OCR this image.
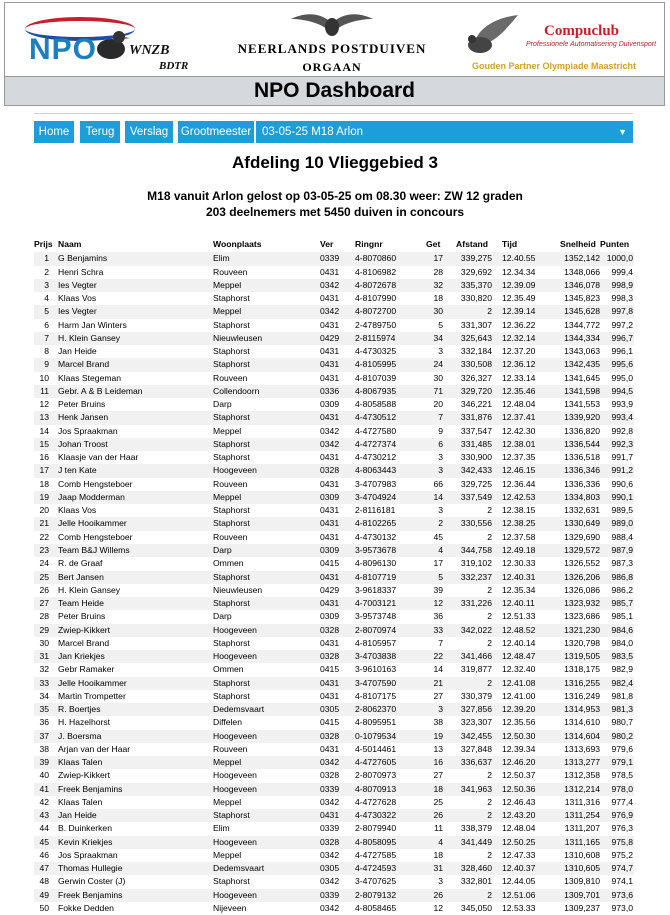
NPO WNZB
BDTR
NEERLANDS POSTDUIVEN
ORGAAN
Compuclub
Professionele Automatisering Duivensport
Gouden Partner Olympiade Maastricht
NPO Dashboard
Home	Terug	Verslag	Grootmeester 03-05-25 M18 Arlon	▼
Afdeling 10 Vlieggebied 3
M18 vanuit Arlon gelost op 03-05-25 om 08.30 weer: ZW 12 graden
203 deelnemers met 5450 duiven in concours
Prijs Naam	Woonplaats	Ver	Ringnr	Get	Afstand	Tijd	Snelheid Punten
1 G Benjamins	Elim	0339 4-8070860	17	339,275 12.40.55	1352,142 1000,0
2 Henri Schra	Rouveen	0431 4-8106982	28	329,692 12.34.34	1348,066	999,4
3 Ies Vegter	Meppel	0342 4-8072678	32	335,370 12.39.09	1346,078	998,9
4 Klaas Vos	Staphorst	0431 4-8107990	18	330,820 12.35.49	1345,823	998,3
5 Ies Vegter	Meppel	0342 4-8072700	30	2 12.39.14	1345,628	997,8
6 Harm Jan Winters	Staphorst	0431 2-4789750	5	331,307 12.36.22	1344,772	997,2
7 H. Klein Gansey	Nieuwleusen	0429 2-8115974	34	325,643 12.32.14	1344,334	996,7
8 Jan Heide	Staphorst	0431 4-4730325	3	332,184 12.37.20	1343,063	996,1
9 Marcel Brand	Staphorst	0431 4-8105995	24	330,508 12.36.12	1342,435	995,6
10 Klaas Stegeman	Rouveen	0431 4-8107039	30	326,327 12.33.14	1341,645	995,0
11 Gebr. A & B Leideman	Collendoorn	0336 4-8067935	71	329,720 12.35.46	1341,598	994,5
12 Peter Bruins	Darp	0309 4-8058588	20	346,221 12.48.04	1341,553	993,9
13 Henk Jansen	Staphorst	0431 4-4730512	7	331,876 12.37.41	1339,920	993,4
14 Jos Spraakman	Meppel	0342 4-4727580	9	337,547 12.42.30	1336,820	992,8
15 Johan Troost	Staphorst	0342 4-4727374	6	331,485 12.38.01	1336,544	992,3
16 Klaasje van der Haar	Staphorst	0431 4-4730212	3	330,900 12.37.35	1336,518	991,7
17 J ten Kate	Hoogeveen	0328 4-8063443	3	342,433 12.46.15	1336,346	991,2
18 Comb Hengsteboer	Rouveen	0431 3-4707983	66	329,725 12.36.44	1336,336	990,6
19 Jaap Modderman	Meppel	0309 3-4704924	14	337,549 12.42.53	1334,803	990,1
20 Klaas Vos	Staphorst	0431 2-8116181	3	2 12.38.15	1332,631	989,5
21 Jelle Hooikammer	Staphorst	0431 4-8102265	2	330,556 12.38.25	1330,649	989,0
22 Comb Hengsteboer	Rouveen	0431 4-4730132	45	2 12.37.58	1329,690	988,4
23 Team B&J Willems	Darp	0309 3-9573678	4	344,758 12.49.18	1329,572	987,9
24 R. de Graaf	Ommen	0415 4-8096130	17	319,102 12.30.33	1326,552	987,3
25 Bert Jansen	Staphorst	0431 4-8107719	5	332,237 12.40.31	1326,206	986,8
26 H. Klein Gansey	Nieuwleusen	0429 3-9618337	39	2 12.35.34	1326,086	986,2
27 Team Heide	Staphorst	0431 4-7003121	12	331,226 12.40.11	1323,932	985,7
28 Peter Bruins	Darp	0309 3-9573748	36	2 12.51.33	1323,686	985,1
29 Zwiep-Kikkert	Hoogeveen	0328 2-8070974	33	342,022 12.48.52	1321,230	984,6
30 Marcel Brand	Staphorst	0431 4-8105957	7	2 12.40.14	1320,798	984,0
31 Jan Kriekjes	Hoogeveen	0328 3-4703838	22	341,466 12.48.47	1319,505	983,5
32 Gebr Ramaker	Ommen	0415 3-9610163	14	319,877 12.32.40	1318,175	982,9
33 Jelle Hooikammer	Staphorst	0431 3-4707590	21	2 12.41.08	1316,255	982,4
34 Martin Trompetter	Staphorst	0431 4-8107175	27	330,379 12.41.00	1316,249	981,8
35 R. Boertjes	Dedemsvaart	0305 2-8062370	3	327,856 12.39.20	1314,953	981,3
36 H. Hazelhorst	Diffelen	0415 4-8095951	38	323,307 12.35.56	1314,610	980,7
37 J. Boersma	Hoogeveen	0328 0-1079534	19	342,455 12.50.30	1314,604	980,2
38 Arjan van der Haar	Rouveen	0431 4-5014461	13	327,848 12.39.34	1313,693	979,6
39 Klaas Talen	Meppel	0342 4-4727605	16	336,637 12.46.20	1313,277	979,1
40 Zwiep-Kikkert	Hoogeveen	0328 2-8070973	27	2 12.50.37	1312,358	978,5
41 Freek Benjamins	Hoogeveen	0339 4-8070913	18	341,963 12.50.36	1312,214	978,0
42 Klaas Talen	Meppel	0342 4-4727628	25	2 12.46.43	1311,316	977,4
43 Jan Heide	Staphorst	0431 4-4730322	26	2 12.43.20	1311,254	976,9
44 B. Duinkerken	Elim	0339 2-8079940	11	338,379 12.48.04	1311,207	976,3
45 Kevin Kriekjes	Hoogeveen	0328 4-8058095	4	341,449 12.50.25	1311,165	975,8
46 Jos Spraakman	Meppel	0342 4-4727585	18	2 12.47.33	1310,608	975,2
47 Thomas Hullegie	Dedemsvaart	0305 4-4724593	31	328,460 12.40.37	1310,605	974,7
48 Gerwin Coster (J)	Staphorst	0342 3-4707625	3	332,801 12.44.05	1309,810	974,1
49 Freek Benjamins	Hoogeveen	0339 2-8079132	26	2 12.51.06	1309,701	973,6
50 Fokke Dedden	Nijeveen	0342 4-8058465	12	345,050 12.53.33	1309,237	973,0
